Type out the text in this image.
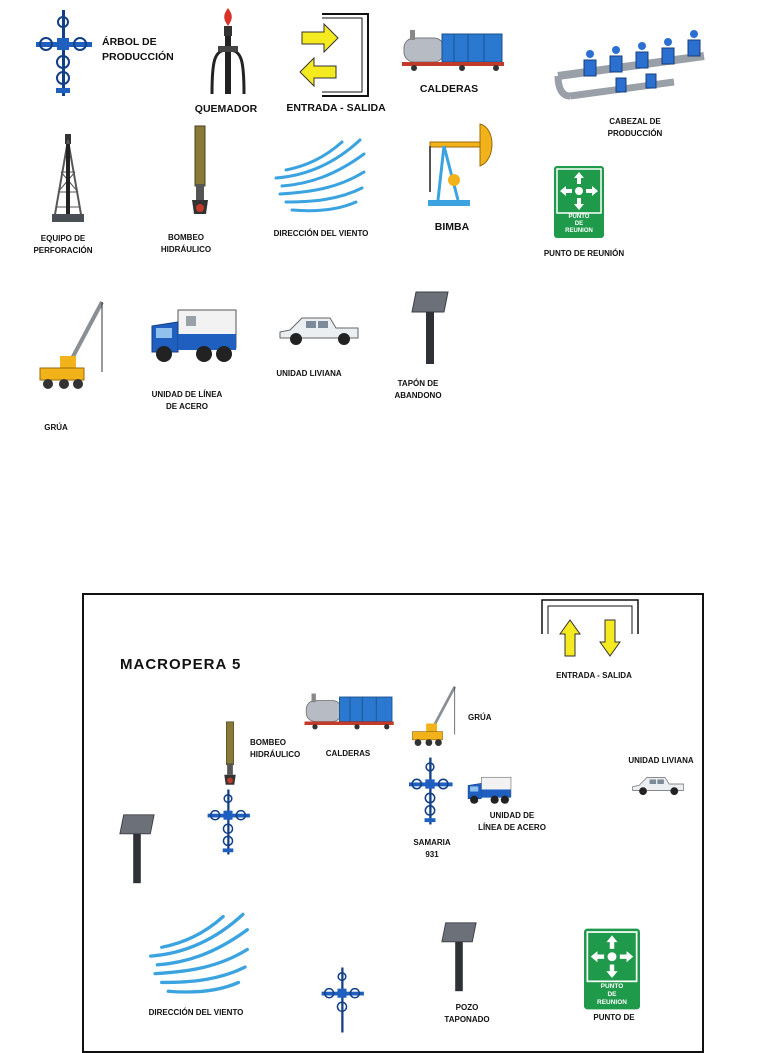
ÁRBOL DE
PRODUCCIÓN
QUEMADOR	ENTRADA - SALIDA
CALDERAS
CABEZAL DE
PRODUCCIÓN
EQUIPO DE
PERFORACIÓN
BOMBEO
HIDRÁULICO
DIRECCIÓN DEL VIENTO
BIMBA
PUNTO
DE
REUNION
PUNTO DE REUNIÓN
GRÚA
UNIDAD DE LÍNEA
DE ACERO
UNIDAD LIVIANA
TAPÓN DE
ABANDONO
MACROPERA 5
ENTRADA - SALIDA
CALDERAS
GRÚA
BOMBEO
HIDRÁULICO
SAMARIA
931
UNIDAD DE
LÍNEA DE ACERO
UNIDAD LIVIANA
DIRECCIÓN DEL VIENTO
POZO
TAPONADO
PUNTO
DE
REUNION
PUNTO DE
